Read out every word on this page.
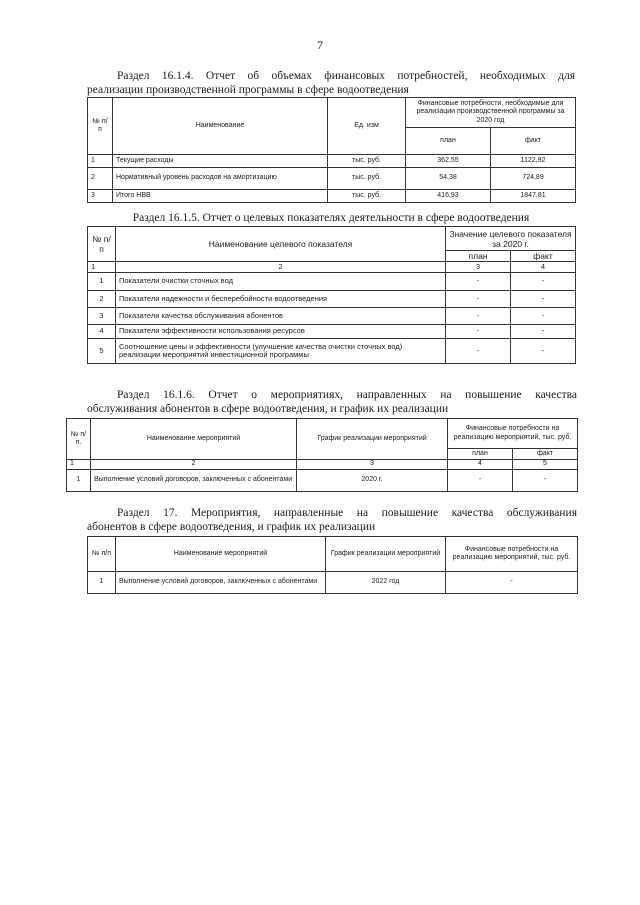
7
Раздел 16.1.4. Отчет об объемах финансовых потребностей, необходимых для
реализации производственной программы в сфере водоотведения
№ п/п	Наименование	Ед. изм	Финансовые потребности, необходимые для реализации производственной программы за 2020 год	
			план	факт
1	Текущие расходы	тыс. руб.	362,55	1122,92
2	Нормативный уровень расходов на амортизацию	тыс. руб.	54,38	724,89
3	Итого НВВ	тыс. руб.	416,93	1847,81
Раздел 16.1.5. Отчет о целевых показателях деятельности в сфере водоотведения
№ п/п	Наименование целевого показателя	Значение целевого показателя за 2020 г.	
		план	факт
1	2	3	4
1	Показатели очистки сточных вод	-	-
2	Показатели надежности и бесперебойности водоотведения	-	-
3	Показатели качества обслуживания абонентов	-	-
4	Показатели эффективности использования ресурсов	-	-
5	Соотношение цены и эффективности (улучшение качества очистки сточных вод) реализации мероприятий инвестиционной программы	-	-
Раздел 16.1.6. Отчет о мероприятиях, направленных на повышение качества
обслуживания абонентов в сфере водоотведения, и график их реализации
№ п/п.	Наименование мероприятий	График реализации мероприятий	Финансовые потребности на реализацию мероприятий, тыс. руб.	
			план	факт
1	2	3	4	5
1	Выполнение условий договоров, заключенных с абонентами	2020 г.	-	-
Раздел 17. Мероприятия, направленные на повышение качества обслуживания
абонентов в сфере водоотведения, и график их реализации
№ п/п	Наименование мероприятий	График реализации мероприятий	Финансовые потребности на реализацию мероприятий, тыс. руб.
1	Выполнение условий договоров, заключенных с абонентами	2022 год	-
